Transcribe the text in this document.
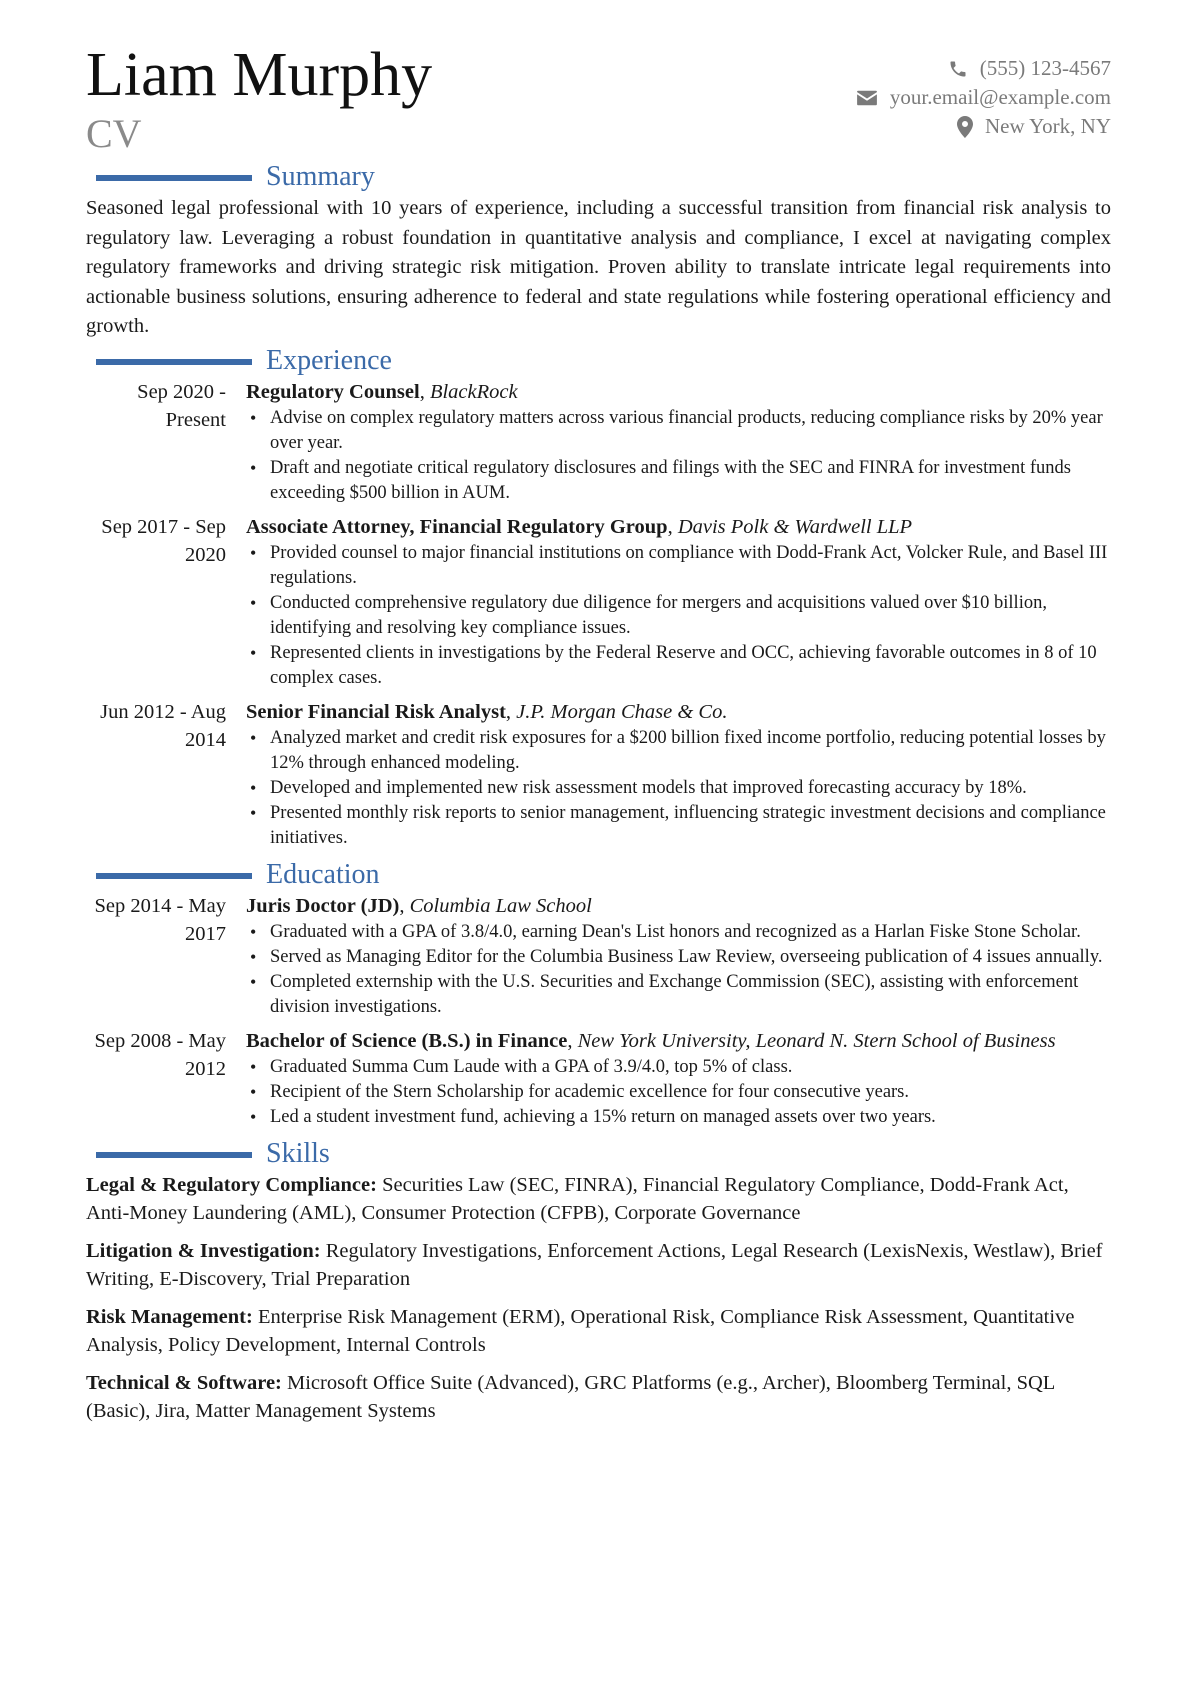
Liam Murphy
CV
(555) 123-4567
your.email@example.com
New York, NY
Summary

Seasoned legal professional with 10 years of experience, including a successful transition from financial risk analysis to regulatory law. Leveraging a robust foundation in quantitative analysis and compliance, I excel at navigating complex regulatory frameworks and driving strategic risk mitigation. Proven ability to translate intricate legal requirements into actionable business solutions, ensuring adherence to federal and state regulations while fostering operational efficiency and growth.

Experience
Sep 2020 - Present
Regulatory Counsel, BlackRock
• Advise on complex regulatory matters across various financial products, reducing compliance risks by 20% year over year.
• Draft and negotiate critical regulatory disclosures and filings with the SEC and FINRA for investment funds exceeding $500 billion in AUM.
Sep 2017 - Sep 2020
Associate Attorney, Financial Regulatory Group, Davis Polk & Wardwell LLP
• Provided counsel to major financial institutions on compliance with Dodd-Frank Act, Volcker Rule, and Basel III regulations.
• Conducted comprehensive regulatory due diligence for mergers and acquisitions valued over $10 billion, identifying and resolving key compliance issues.
• Represented clients in investigations by the Federal Reserve and OCC, achieving favorable outcomes in 8 of 10 complex cases.
Jun 2012 - Aug 2014
Senior Financial Risk Analyst, J.P. Morgan Chase & Co.
• Analyzed market and credit risk exposures for a $200 billion fixed income portfolio, reducing potential losses by 12% through enhanced modeling.
• Developed and implemented new risk assessment models that improved forecasting accuracy by 18%.
• Presented monthly risk reports to senior management, influencing strategic investment decisions and compliance initiatives.
Education
Sep 2014 - May 2017
Juris Doctor (JD), Columbia Law School
• Graduated with a GPA of 3.8/4.0, earning Dean's List honors and recognized as a Harlan Fiske Stone Scholar.
• Served as Managing Editor for the Columbia Business Law Review, overseeing publication of 4 issues annually.
• Completed externship with the U.S. Securities and Exchange Commission (SEC), assisting with enforcement division investigations.
Sep 2008 - May 2012
Bachelor of Science (B.S.) in Finance, New York University, Leonard N. Stern School of Business
• Graduated Summa Cum Laude with a GPA of 3.9/4.0, top 5% of class.
• Recipient of the Stern Scholarship for academic excellence for four consecutive years.
• Led a student investment fund, achieving a 15% return on managed assets over two years.
Skills
Legal & Regulatory Compliance: Securities Law (SEC, FINRA), Financial Regulatory Compliance, Dodd-Frank Act, Anti-Money Laundering (AML), Consumer Protection (CFPB), Corporate Governance
Litigation & Investigation: Regulatory Investigations, Enforcement Actions, Legal Research (LexisNexis, Westlaw), Brief Writing, E-Discovery, Trial Preparation
Risk Management: Enterprise Risk Management (ERM), Operational Risk, Compliance Risk Assessment, Quantitative Analysis, Policy Development, Internal Controls
Technical & Software: Microsoft Office Suite (Advanced), GRC Platforms (e.g., Archer), Bloomberg Terminal, SQL (Basic), Jira, Matter Management Systems
